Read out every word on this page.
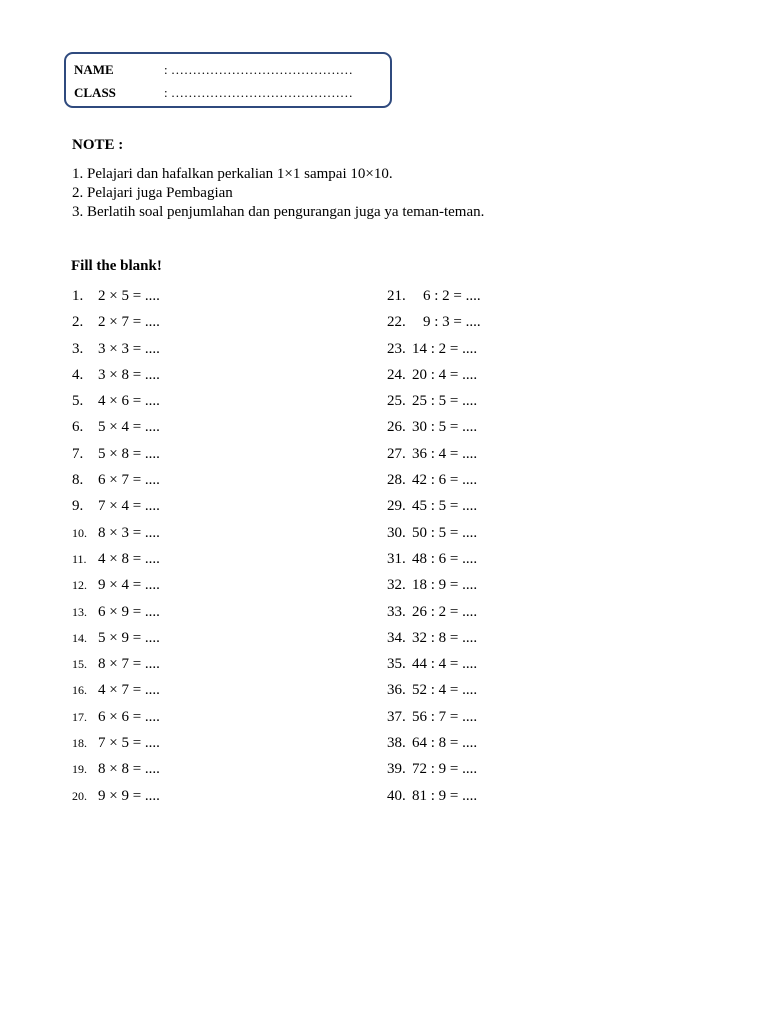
NAME	: ……………………………………
CLASS	: ……………………………………
NOTE :
1. Pelajari dan hafalkan perkalian 1×1 sampai 10×10.
2. Pelajari juga Pembagian
3. Berlatih soal penjumlahan dan pengurangan juga ya teman-teman.
Fill the blank!
1. 2 × 5 = ....
2. 2 × 7 = ....
3. 3 × 3 = ....
4. 3 × 8 = ....
5. 4 × 6 = ....
6. 5 × 4 = ....
7. 5 × 8 = ....
8. 6 × 7 = ....
9. 7 × 4 = ....
10. 8 × 3 = ....
11. 4 × 8 = ....
12. 9 × 4 = ....
13. 6 × 9 = ....
14. 5 × 9 = ....
15. 8 × 7 = ....
16. 4 × 7 = ....
17. 6 × 6 = ....
18. 7 × 5 = ....
19. 8 × 8 = ....
20. 9 × 9 = ....
21. 6 : 2 = ....
22. 9 : 3 = ....
23. 14 : 2 = ....
24. 20 : 4 = ....
25. 25 : 5 = ....
26. 30 : 5 = ....
27. 36 : 4 = ....
28. 42 : 6 = ....
29. 45 : 5 = ....
30. 50 : 5 = ....
31. 48 : 6 = ....
32. 18 : 9 = ....
33. 26 : 2 = ....
34. 32 : 8 = ....
35. 44 : 4 = ....
36. 52 : 4 = ....
37. 56 : 7 = ....
38. 64 : 8 = ....
39. 72 : 9 = ....
40. 81 : 9 = ....
